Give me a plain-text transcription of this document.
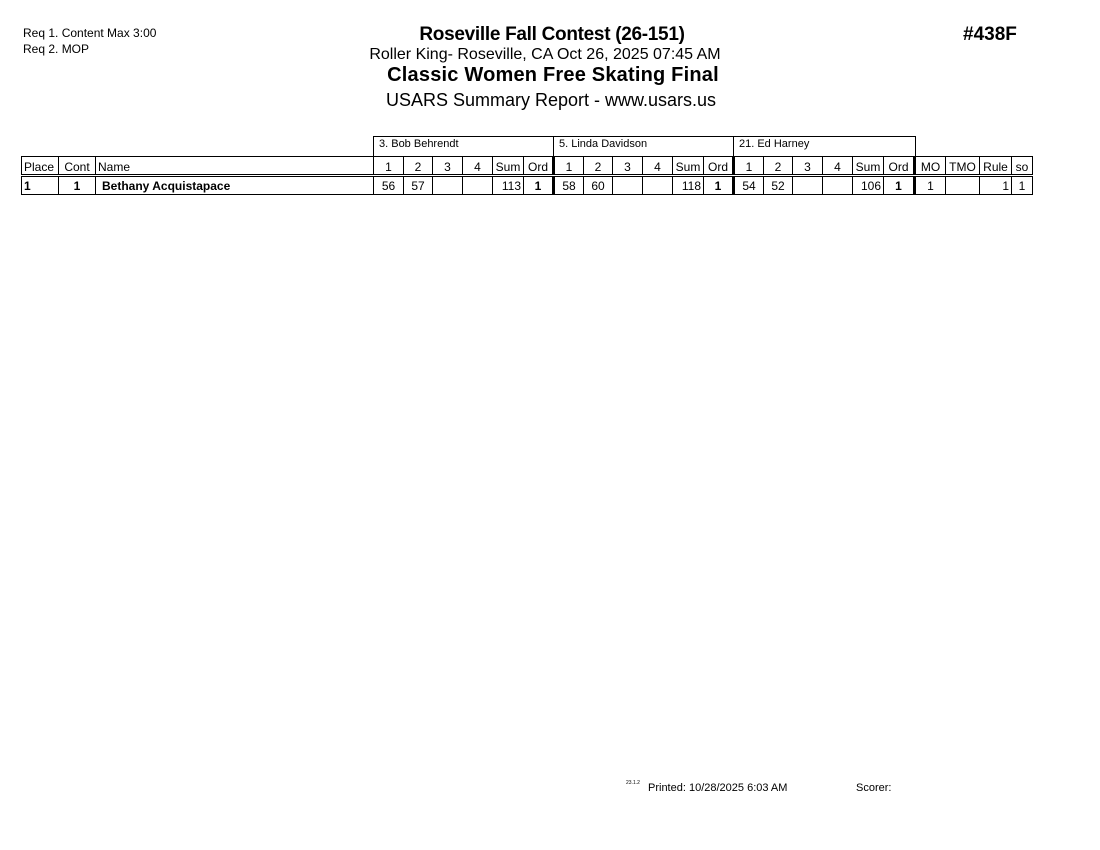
Req 1. Content Max 3:00
Req 2. MOP
Roseville Fall Contest (26-151)
Roller King- Roseville, CA Oct 26, 2025 07:45 AM
Classic Women Free Skating Final
USARS Summary Report - www.usars.us
#438F
3. Bob Behrendt	5. Linda Davidson	21. Ed Harney
Place	Cont	Name	1	2	3	4	Sum	Ord	1	2	3	4	Sum	Ord	1	2	3	4	Sum	Ord	MO	TMO	Rule	so
1	1	Bethany Acquistapace	56	57			113	1	58	60			118	1	54	52			106	1	1		1	1
23.1.2 Printed: 10/28/2025 6:03 AM	Scorer:
